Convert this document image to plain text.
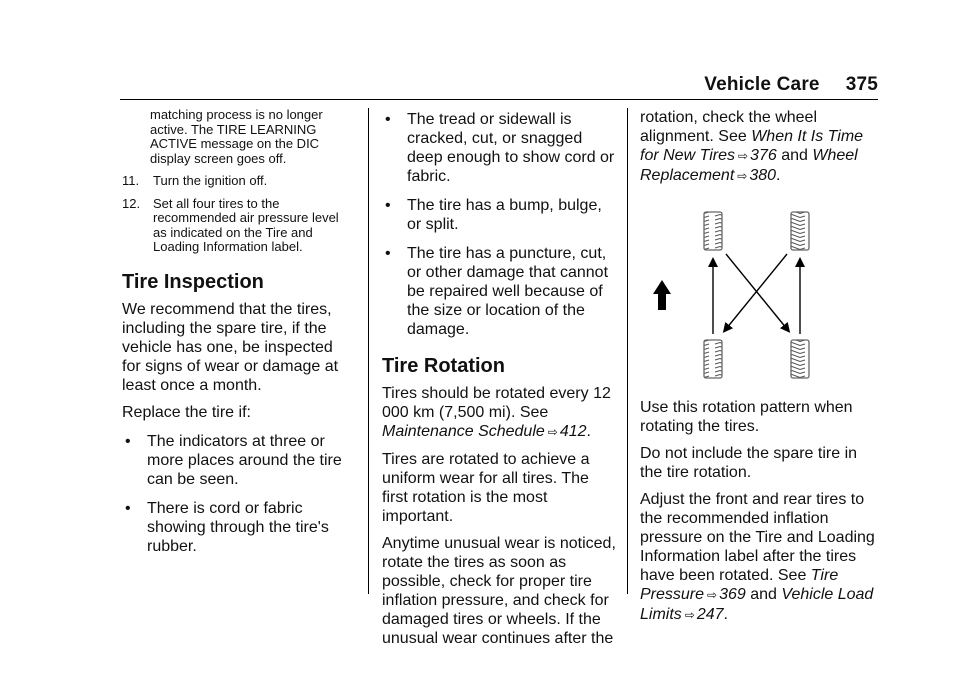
Vehicle Care 375
matching process is no longer active. The TIRE LEARNING ACTIVE message on the DIC display screen goes off.
11.	Turn the ignition off.
12. Set all four tires to the recommended air pressure level as indicated on the Tire and Loading Information label.
Tire Inspection
We recommend that the tires, including the spare tire, if the vehicle has one, be inspected for signs of wear or damage at least once a month.
Replace the tire if:
•	The indicators at three or more places around the tire can be seen.
•	There is cord or fabric showing through the tire's rubber.
•	The tread or sidewall is cracked, cut, or snagged deep enough to show cord or fabric.
•	The tire has a bump, bulge, or split.
•	The tire has a puncture, cut, or other damage that cannot be repaired well because of the size or location of the damage.
Tire Rotation
Tires should be rotated every 12 000 km (7,500 mi). See Maintenance Schedule ⇨ 412.
Tires are rotated to achieve a uniform wear for all tires. The first rotation is the most important.
Anytime unusual wear is noticed, rotate the tires as soon as possible, check for proper tire inflation pressure, and check for damaged tires or wheels. If the unusual wear continues after the
rotation, check the wheel alignment. See When It Is Time for New Tires ⇨ 376 and Wheel Replacement ⇨ 380.
Use this rotation pattern when rotating the tires.
Do not include the spare tire in the tire rotation.
Adjust the front and rear tires to the recommended inflation pressure on the Tire and Loading Information label after the tires have been rotated. See Tire Pressure ⇨ 369 and Vehicle Load Limits ⇨ 247.
